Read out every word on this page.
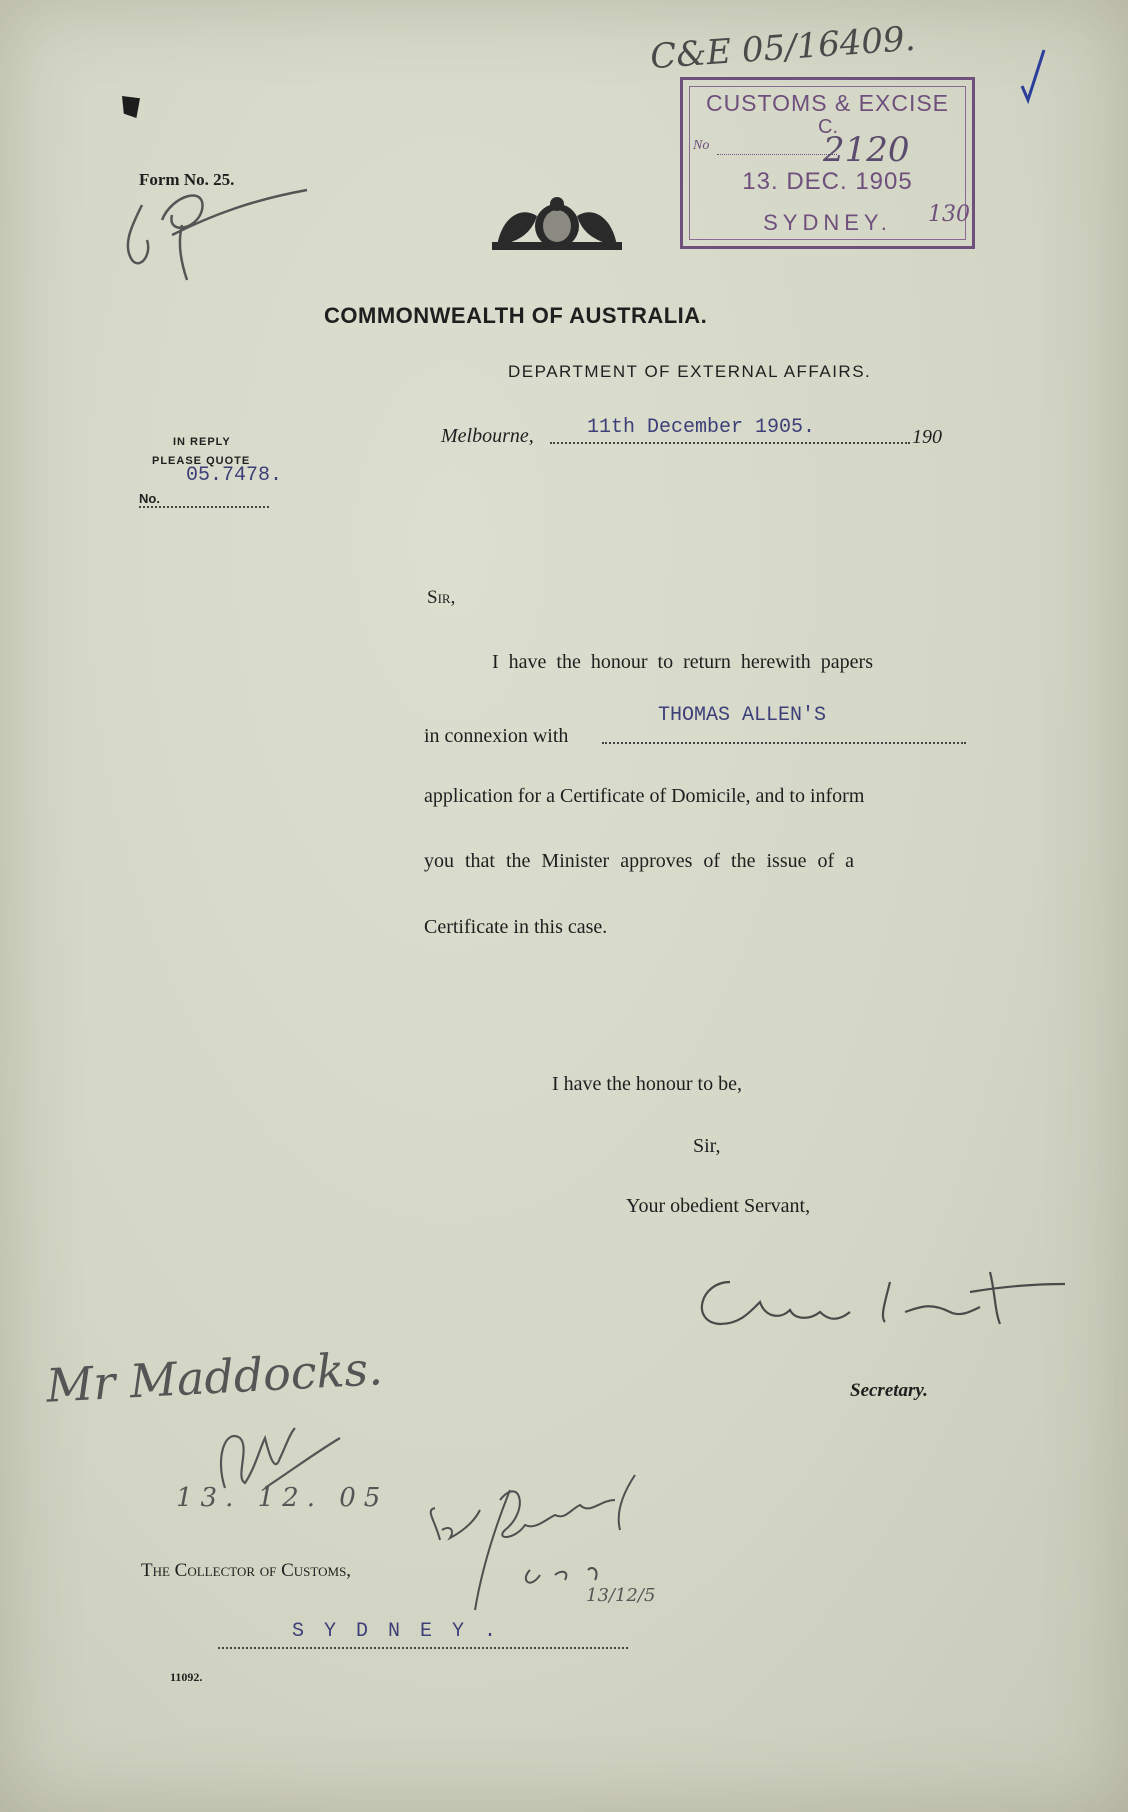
Form No. 25.
COMMONWEALTH OF AUSTRALIA.
DEPARTMENT OF EXTERNAL AFFAIRS.
C&E 05/16409.
CUSTOMS & EXCISE
No
C.
2120
13. DEC. 1905
SYDNEY.	130
IN REPLY
PLEASE QUOTE
05.7478.
No.
Melbourne,	11th December 1905.	190
Sir,
I have the honour to return herewith papers
in connexion with
THOMAS ALLEN'S
application for a Certificate of Domicile, and to inform
you that the Minister approves of the issue of a
Certificate in this case.
I have the honour to be,
Sir,
Your obedient Servant,
Secretary.
Mr Maddocks.
13. 12. 05
13/12/5
The Collector of Customs,
S Y D N E Y .
11092.
